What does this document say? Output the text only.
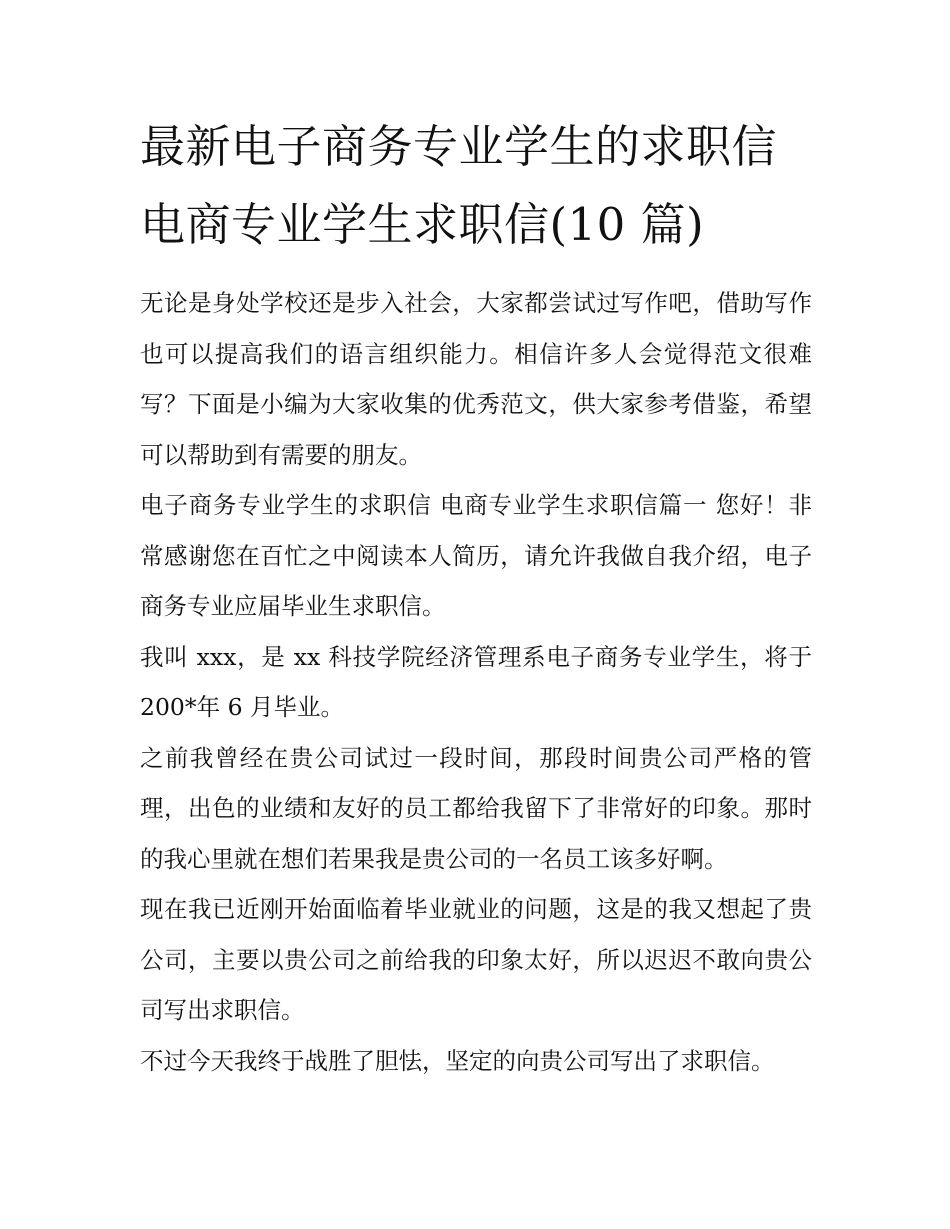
最新电子商务专业学生的求职信 电商专业学生求职信(10 篇)

无论是身处学校还是步入社会，大家都尝试过写作吧，借助写作也可以提高我们的语言组织能力。相信许多人会觉得范文很难写？下面是小编为大家收集的优秀范文，供大家参考借鉴，希望可以帮助到有需要的朋友。

电子商务专业学生的求职信 电商专业学生求职信篇一 您好！非常感谢您在百忙之中阅读本人简历，请允许我做自我介绍，电子商务专业应届毕业生求职信。

我叫 xxx，是 xx 科技学院经济管理系电子商务专业学生，将于 200*年 6 月毕业。

之前我曾经在贵公司试过一段时间，那段时间贵公司严格的管理，出色的业绩和友好的员工都给我留下了非常好的印象。那时的我心里就在想们若果我是贵公司的一名员工该多好啊。

现在我已近刚开始面临着毕业就业的问题，这是的我又想起了贵公司，主要以贵公司之前给我的印象太好，所以迟迟不敢向贵公司写出求职信。

不过今天我终于战胜了胆怯，坚定的向贵公司写出了求职信。
